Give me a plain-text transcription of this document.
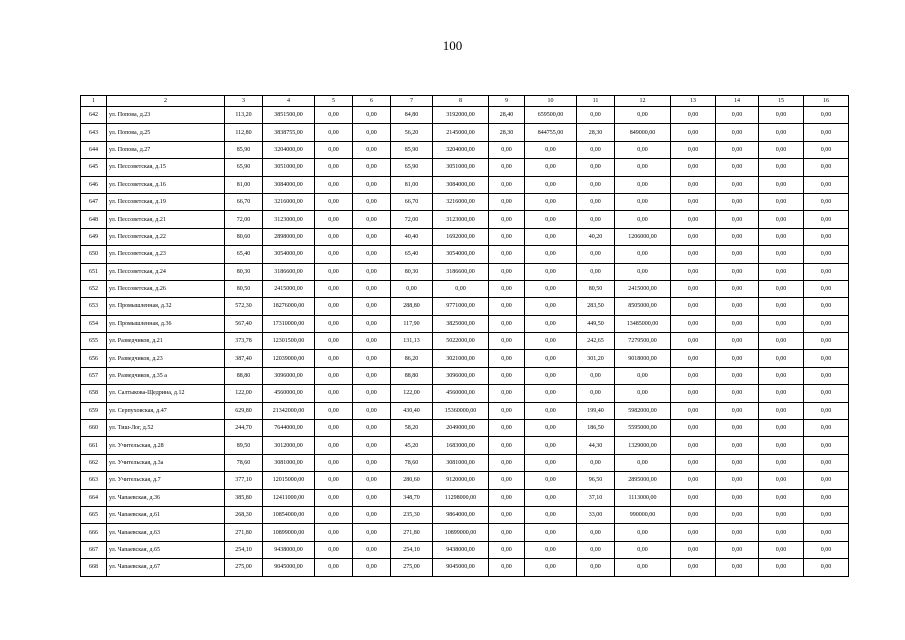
100
1	2	3	4	5	6	7	8	9	10	11	12	13	14	15	16
642	ул. Попова, д.23	113,20	3851500,00	0,00	0,00	84,80	3192000,00	28,40	659500,00	0,00	0,00	0,00	0,00	0,00	0,00
643	ул. Попова, д.25	112,80	3838755,00	0,00	0,00	56,20	2145000,00	28,30	844755,00	28,30	849000,00	0,00	0,00	0,00	0,00
644	ул. Попова, д.27	85,90	3204000,00	0,00	0,00	85,90	3204000,00	0,00	0,00	0,00	0,00	0,00	0,00	0,00	0,00
645	ул. Пессоветская, д.15	65,90	3051000,00	0,00	0,00	65,90	3051000,00	0,00	0,00	0,00	0,00	0,00	0,00	0,00	0,00
646	ул. Пессоветская, д.16	81,00	3084000,00	0,00	0,00	81,00	3084000,00	0,00	0,00	0,00	0,00	0,00	0,00	0,00	0,00
647	ул. Пессоветская, д.19	66,70	3216000,00	0,00	0,00	66,70	3216000,00	0,00	0,00	0,00	0,00	0,00	0,00	0,00	0,00
648	ул. Пессоветская, д.21	72,00	3123000,00	0,00	0,00	72,00	3123000,00	0,00	0,00	0,00	0,00	0,00	0,00	0,00	0,00
649	ул. Пессоветская, д.22	80,60	2898000,00	0,00	0,00	40,40	1692000,00	0,00	0,00	40,20	1206000,00	0,00	0,00	0,00	0,00
650	ул. Пессоветская, д.23	65,40	3054000,00	0,00	0,00	65,40	3054000,00	0,00	0,00	0,00	0,00	0,00	0,00	0,00	0,00
651	ул. Пессоветская, д.24	80,30	3186600,00	0,00	0,00	80,30	3186600,00	0,00	0,00	0,00	0,00	0,00	0,00	0,00	0,00
652	ул. Пессоветская, д.26	80,50	2415000,00	0,00	0,00	0,00	0,00	0,00	0,00	80,50	2415000,00	0,00	0,00	0,00	0,00
653	ул. Промышленная, д.32	572,30	18276000,00	0,00	0,00	288,80	9771000,00	0,00	0,00	283,50	8505000,00	0,00	0,00	0,00	0,00
654	ул. Промышленная, д.36	567,40	17310000,00	0,00	0,00	117,90	3825000,00	0,00	0,00	449,50	13485000,00	0,00	0,00	0,00	0,00
655	ул. Разведчиков, д.21	373,78	12301500,00	0,00	0,00	131,13	5022000,00	0,00	0,00	242,65	7279500,00	0,00	0,00	0,00	0,00
656	ул. Разведчиков, д.23	387,40	12039000,00	0,00	0,00	86,20	3021000,00	0,00	0,00	301,20	9018000,00	0,00	0,00	0,00	0,00
657	ул. Разведчиков, д.35 а	88,80	3096000,00	0,00	0,00	88,80	3096000,00	0,00	0,00	0,00	0,00	0,00	0,00	0,00	0,00
658	ул. Салтыкова-Щедрина, д.12	122,00	4560000,00	0,00	0,00	122,00	4560000,00	0,00	0,00	0,00	0,00	0,00	0,00	0,00	0,00
659	ул. Серпуховская, д.47	629,80	21342000,00	0,00	0,00	430,40	15360000,00	0,00	0,00	199,40	5982000,00	0,00	0,00	0,00	0,00
660	ул. Тиш-Лог, д.52	244,70	7644000,00	0,00	0,00	58,20	2049000,00	0,00	0,00	186,50	5595000,00	0,00	0,00	0,00	0,00
661	ул. Учительская, д.28	89,50	3012000,00	0,00	0,00	45,20	1683000,00	0,00	0,00	44,30	1329000,00	0,00	0,00	0,00	0,00
662	ул. Учительская, д.3а	78,60	3081000,00	0,00	0,00	78,60	3081000,00	0,00	0,00	0,00	0,00	0,00	0,00	0,00	0,00
663	ул. Учительская, д.7	377,10	12015000,00	0,00	0,00	280,60	9120000,00	0,00	0,00	96,50	2895000,00	0,00	0,00	0,00	0,00
664	ул. Чапаевская, д.36	385,80	12411000,00	0,00	0,00	348,70	11298000,00	0,00	0,00	37,10	1113000,00	0,00	0,00	0,00	0,00
665	ул. Чапаевская, д.61	268,30	10854000,00	0,00	0,00	235,30	9864000,00	0,00	0,00	33,00	990000,00	0,00	0,00	0,00	0,00
666	ул. Чапаевская, д.63	271,80	10899000,00	0,00	0,00	271,80	10899000,00	0,00	0,00	0,00	0,00	0,00	0,00	0,00	0,00
667	ул. Чапаевская, д.65	254,10	9438000,00	0,00	0,00	254,10	9438000,00	0,00	0,00	0,00	0,00	0,00	0,00	0,00	0,00
668	ул. Чапаевская, д.67	275,00	9045000,00	0,00	0,00	275,00	9045000,00	0,00	0,00	0,00	0,00	0,00	0,00	0,00	0,00
